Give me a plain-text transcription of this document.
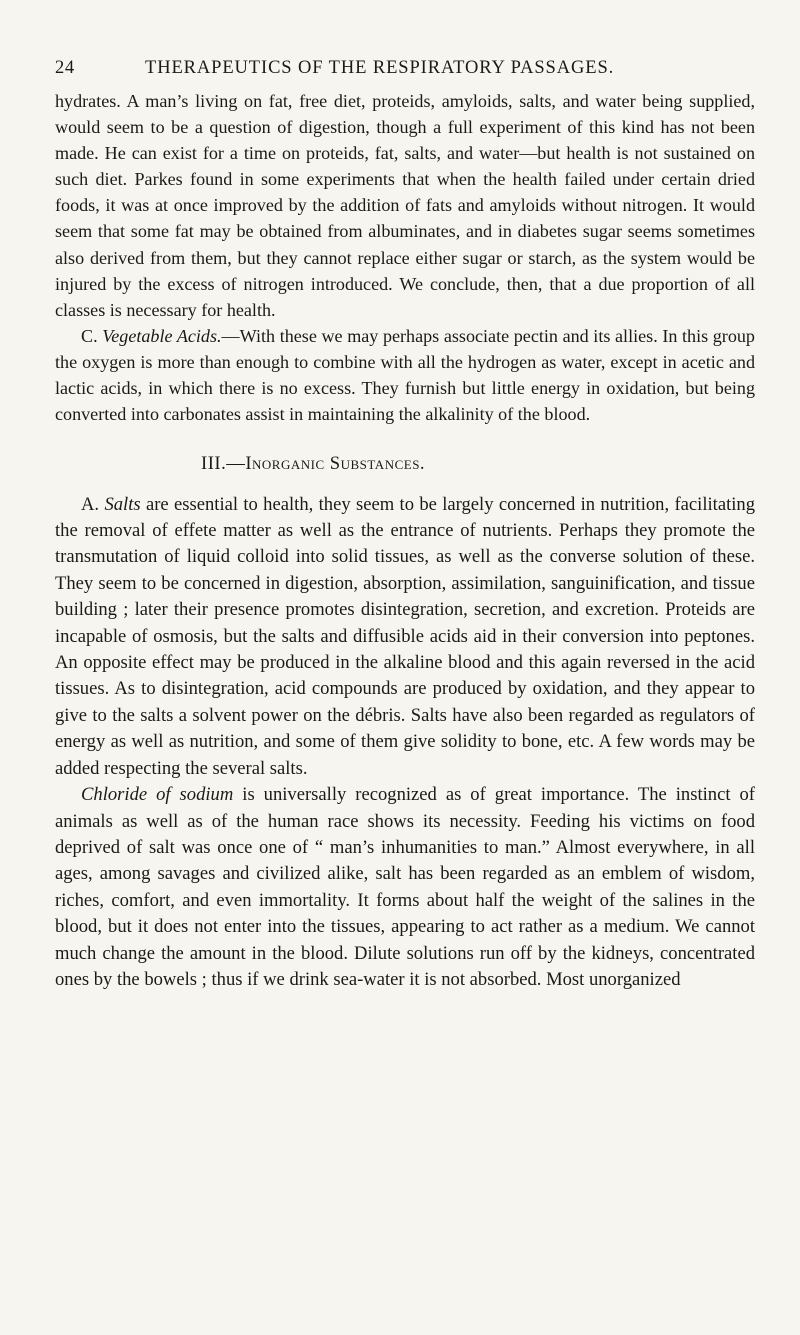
24	THERAPEUTICS OF THE RESPIRATORY PASSAGES.

hydrates. A man’s living on fat, free diet, proteids, amyloids, salts, and water being supplied, would seem to be a question of digestion, though a full experiment of this kind has not been made. He can exist for a time on proteids, fat, salts, and water—but health is not sustained on such diet. Parkes found in some experiments that when the health failed under certain dried foods, it was at once improved by the addition of fats and amyloids without nitrogen. It would seem that some fat may be obtained from albuminates, and in diabetes sugar seems sometimes also derived from them, but they cannot replace either sugar or starch, as the system would be injured by the excess of nitrogen introduced. We conclude, then, that a due proportion of all classes is necessary for health.

C. Vegetable Acids.—With these we may perhaps associate pectin and its allies. In this group the oxygen is more than enough to combine with all the hydrogen as water, except in acetic and lactic acids, in which there is no excess. They furnish but little energy in oxidation, but being converted into carbonates assist in maintaining the alkalinity of the blood.

III.—Inorganic Substances.

A. Salts are essential to health, they seem to be largely concerned in nutrition, facilitating the removal of effete matter as well as the entrance of nutrients. Perhaps they promote the transmutation of liquid colloid into solid tissues, as well as the converse solution of these. They seem to be concerned in digestion, absorption, assimilation, sanguinification, and tissue building ; later their presence promotes disintegration, secretion, and excretion. Proteids are incapable of osmosis, but the salts and diffusible acids aid in their conversion into peptones. An opposite effect may be produced in the alkaline blood and this again reversed in the acid tissues. As to disintegration, acid compounds are produced by oxidation, and they appear to give to the salts a solvent power on the débris. Salts have also been regarded as regulators of energy as well as nutrition, and some of them give solidity to bone, etc. A few words may be added respecting the several salts.

Chloride of sodium is universally recognized as of great importance. The instinct of animals as well as of the human race shows its necessity. Feeding his victims on food deprived of salt was once one of “ man’s inhumanities to man.” Almost everywhere, in all ages, among savages and civilized alike, salt has been regarded as an emblem of wisdom, riches, comfort, and even immortality. It forms about half the weight of the salines in the blood, but it does not enter into the tissues, appearing to act rather as a medium. We cannot much change the amount in the blood. Dilute solutions run off by the kidneys, concentrated ones by the bowels ; thus if we drink sea-water it is not absorbed. Most unorganized
